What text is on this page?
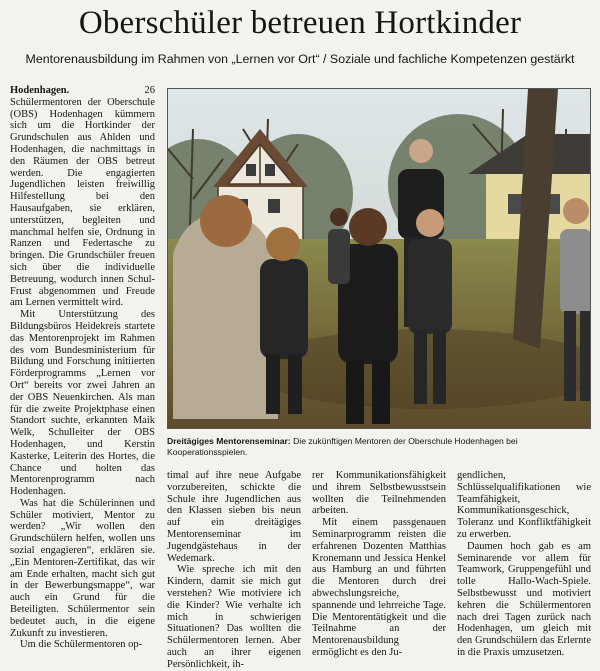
Oberschüler betreuen Hortkinder

Mentorenausbildung im Rahmen von „Lernen vor Ort“ / Soziale und fachliche Kompetenzen gestärkt

Hodenhagen. 26 Schülermentoren der Oberschule (OBS) Hodenhagen kümmern sich um die Hortkinder der Grundschulen aus Ahlden und Hodenhagen, die nachmittags in den Räumen der OBS betreut werden. Die engagierten Jugendlichen leisten freiwillig Hilfestellung bei den Hausaufgaben, sie erklären, unterstützen, begleiten und manchmal helfen sie, Ordnung in Ranzen und Federtasche zu bringen. Die Grundschüler freuen sich über die individuelle Betreuung, wodurch innen Schul-Frust abgenommen und Freude am Lernen vermittelt wird.

Mit Unterstützung des Bildungsbüros Heidekreis startete das Mentorenprojekt im Rahmen des vom Bundesministerium für Bildung und Forschung initiierten Förderprogramms „Lernen vor Ort“ bereits vor zwei Jahren an der OBS Neuenkirchen. Als man für die zweite Projektphase einen Standort suchte, erkannten Maik Welk, Schulleiter der OBS Hodenhagen, und Kerstin Kasterke, Leiterin des Hortes, die Chance und holten das Mentorenprogramm nach Hodenhagen.

Was hat die Schülerinnen und Schüler motiviert, Mentor zu werden? „Wir wollen den Grundschülern helfen, wollen uns sozial engagieren“, erklären sie. „Ein Mentoren-Zertifikat, das wir am Ende erhalten, macht sich gut in der Bewerbungsmappe“, war auch ein Grund für die Beteiligten. Schülermentor sein bedeutet auch, in die eigene Zukunft zu investieren.

Um die Schülermentoren op-

Dreitägiges Mentorenseminar: Die zukünftigen Mentoren der Oberschule Hodenhagen bei Kooperationsspielen.

timal auf ihre neue Aufgabe vorzubereiten, schickte die Schule ihre Jugendlichen aus den Klassen sieben bis neun auf ein dreitägiges Mentorenseminar im Jugendgästehaus in der Wedemark.

Wie spreche ich mit den Kindern, damit sie mich gut verstehen? Wie motiviere ich die Kinder? Wie verhalte ich mich in schwierigen Situationen? Das wollten die Schülermentoren lernen. Aber auch an ihrer eigenen Persönlichkeit, ih-

rer Kommunikationsfähigkeit und ihrem Selbstbewusstsein wollten die Teilnehmenden arbeiten.

Mit einem passgenauen Seminarprogramm reisten die erfahrenen Dozenten Matthias Kronemann und Jessica Henkel aus Hamburg an und führten die Mentoren durch drei abwechslungsreiche, spannende und lehrreiche Tage. Die Mentorentätigkeit und die Teilnahme an der Mentorenausbildung ermöglicht es den Ju-

gendlichen, Schlüsselqualifikationen wie Teamfähigkeit, Kommunikationsgeschick, Toleranz und Konfliktfähigkeit zu erwerben.

Daumen hoch gab es am Seminarende vor allem für Teamwork, Gruppengefühl und tolle Hallo-Wach-Spiele. Selbstbewusst und motiviert kehren die Schülermentoren nach drei Tagen zurück nach Hodenhagen, um gleich mit den Grundschülern das Erlernte in die Praxis umzusetzen.
